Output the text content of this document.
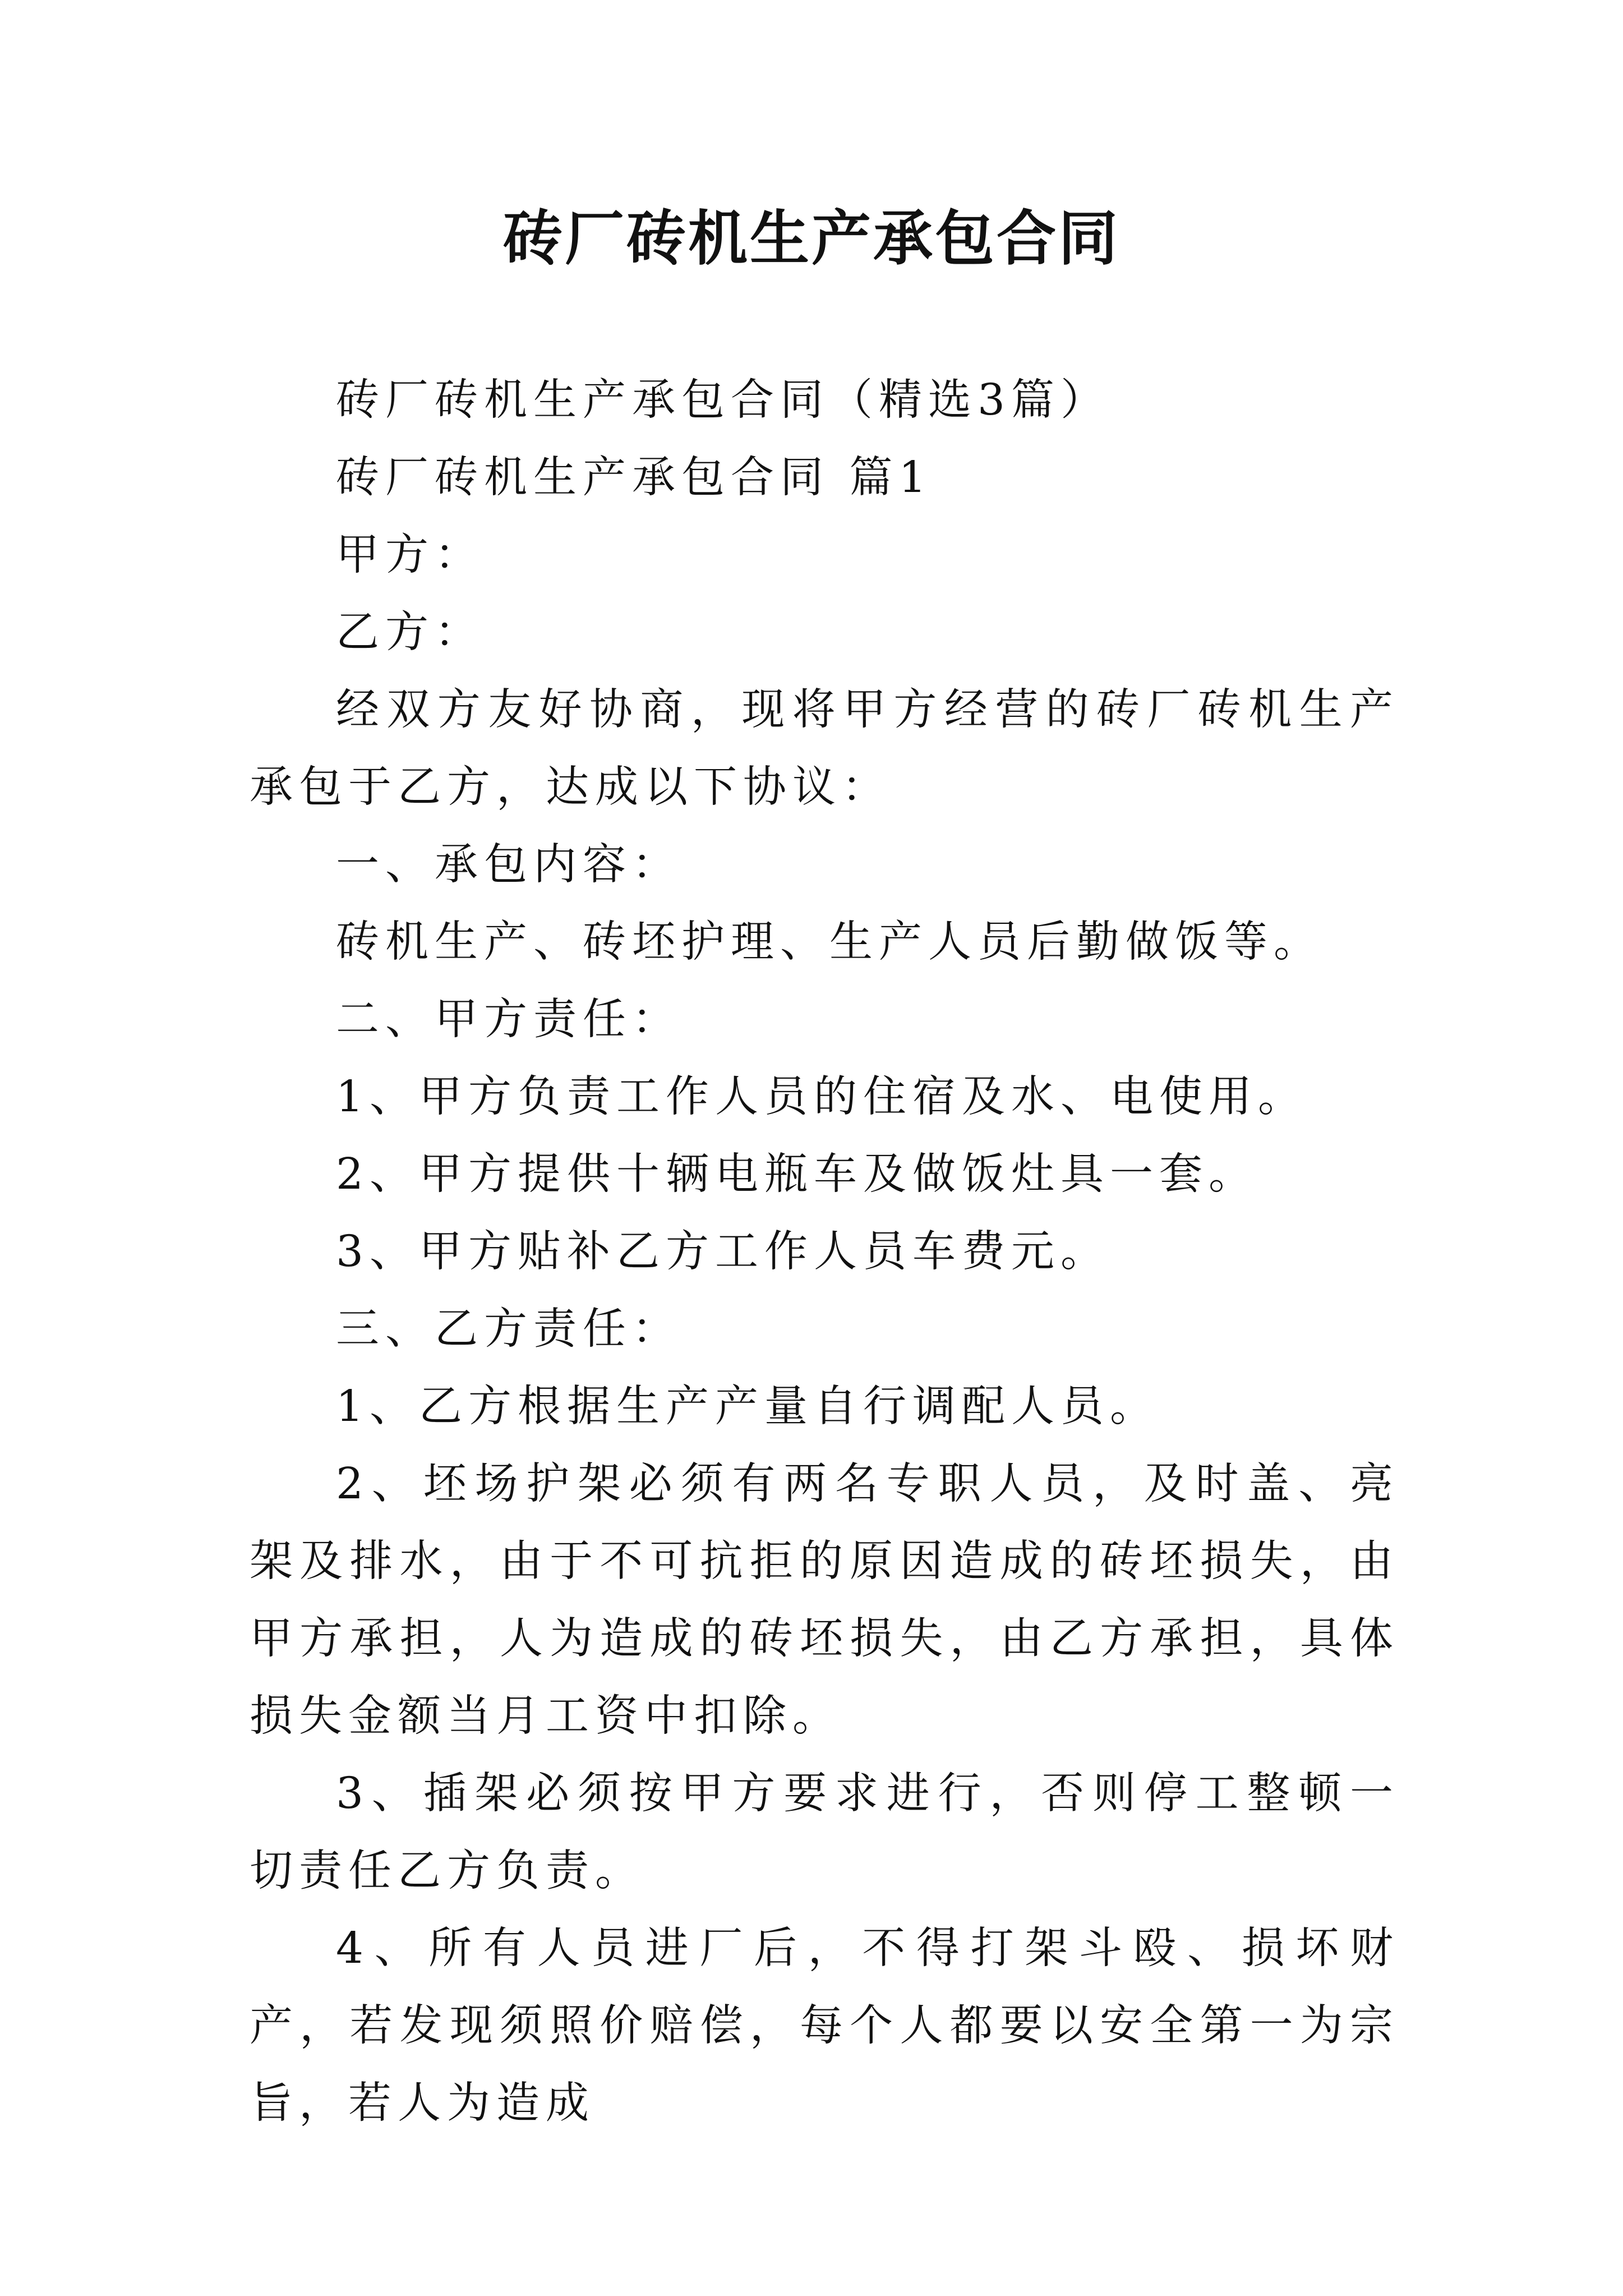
砖厂砖机生产承包合同

砖厂砖机生产承包合同（精选3篇）

砖厂砖机生产承包合同 篇1

甲方：

乙方：

经双方友好协商，现将甲方经营的砖厂砖机生产承包于乙方，达成以下协议：

一、承包内容：

砖机生产、砖坯护理、生产人员后勤做饭等。

二、甲方责任：

1、甲方负责工作人员的住宿及水、电使用。

2、甲方提供十辆电瓶车及做饭灶具一套。

3、甲方贴补乙方工作人员车费元。

三、乙方责任：

1、乙方根据生产产量自行调配人员。

2、坯场护架必须有两名专职人员，及时盖、亮架及排水，由于不可抗拒的原因造成的砖坯损失，由甲方承担，人为造成的砖坯损失，由乙方承担，具体损失金额当月工资中扣除。

3、插架必须按甲方要求进行，否则停工整顿一切责任乙方负责。

4、所有人员进厂后，不得打架斗殴、损坏财产，若发现须照价赔偿，每个人都要以安全第一为宗旨，若人为造成
